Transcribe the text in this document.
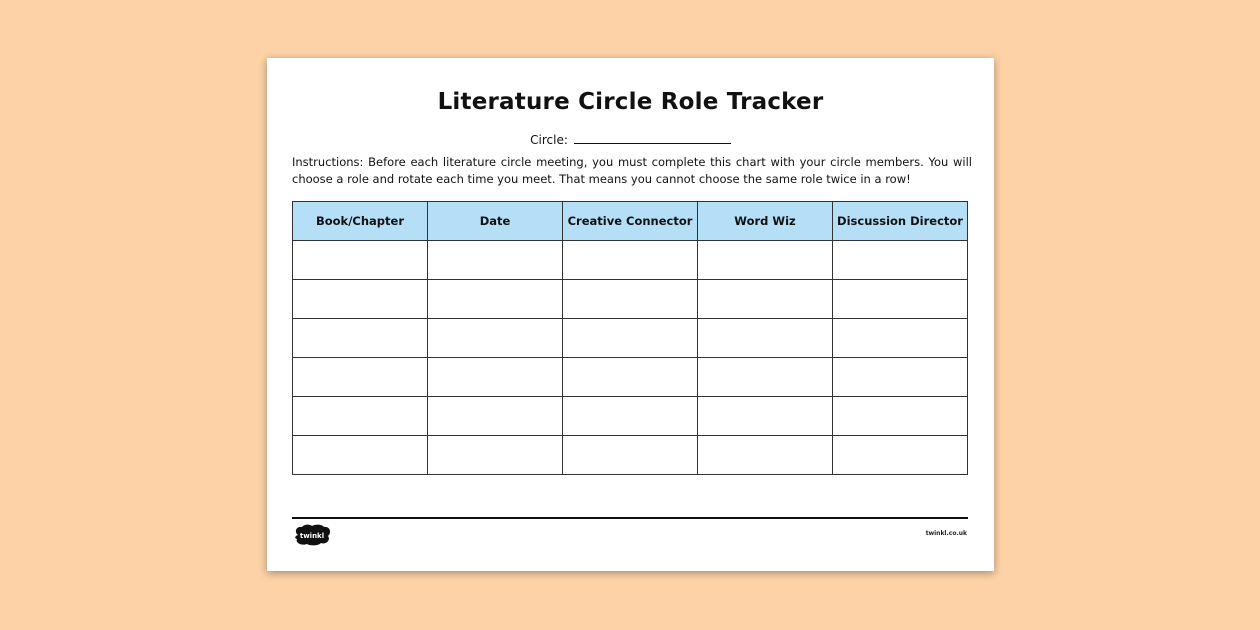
Literature Circle Role Tracker
Circle:
Instructions: Before each literature circle meeting, you must complete this chart with your circle members. You will choose a role and rotate each time you meet. That means you cannot choose the same role twice in a row!
Book/Chapter	Date	Creative Connector	Word Wiz	Discussion Director

twinkl	twinkl.co.uk
